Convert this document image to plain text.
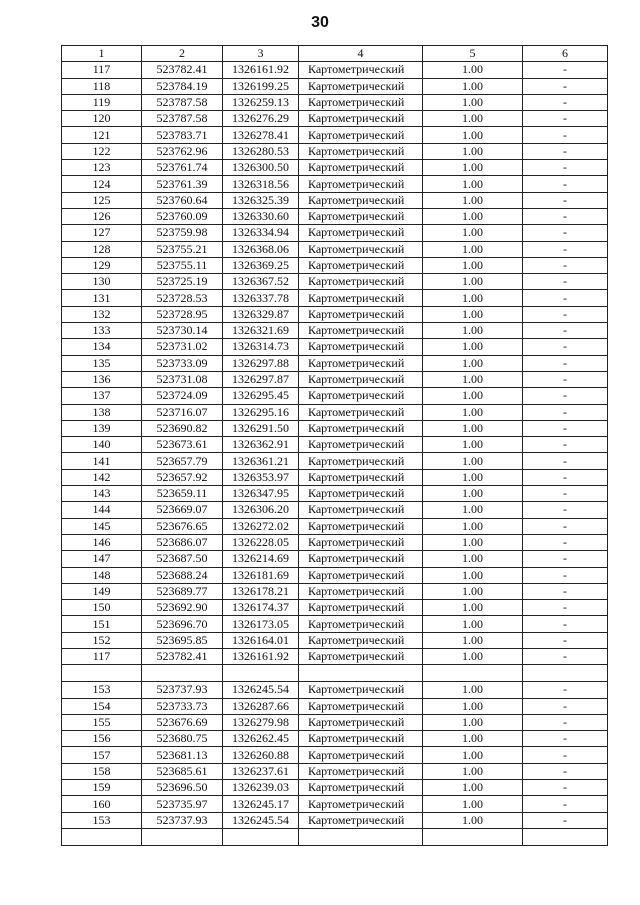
30
1	2	3	4	5	6
117	523782.41	1326161.92	Картометрический	1.00	-
118	523784.19	1326199.25	Картометрический	1.00	-
119	523787.58	1326259.13	Картометрический	1.00	-
120	523787.58	1326276.29	Картометрический	1.00	-
121	523783.71	1326278.41	Картометрический	1.00	-
122	523762.96	1326280.53	Картометрический	1.00	-
123	523761.74	1326300.50	Картометрический	1.00	-
124	523761.39	1326318.56	Картометрический	1.00	-
125	523760.64	1326325.39	Картометрический	1.00	-
126	523760.09	1326330.60	Картометрический	1.00	-
127	523759.98	1326334.94	Картометрический	1.00	-
128	523755.21	1326368.06	Картометрический	1.00	-
129	523755.11	1326369.25	Картометрический	1.00	-
130	523725.19	1326367.52	Картометрический	1.00	-
131	523728.53	1326337.78	Картометрический	1.00	-
132	523728.95	1326329.87	Картометрический	1.00	-
133	523730.14	1326321.69	Картометрический	1.00	-
134	523731.02	1326314.73	Картометрический	1.00	-
135	523733.09	1326297.88	Картометрический	1.00	-
136	523731.08	1326297.87	Картометрический	1.00	-
137	523724.09	1326295.45	Картометрический	1.00	-
138	523716.07	1326295.16	Картометрический	1.00	-
139	523690.82	1326291.50	Картометрический	1.00	-
140	523673.61	1326362.91	Картометрический	1.00	-
141	523657.79	1326361.21	Картометрический	1.00	-
142	523657.92	1326353.97	Картометрический	1.00	-
143	523659.11	1326347.95	Картометрический	1.00	-
144	523669.07	1326306.20	Картометрический	1.00	-
145	523676.65	1326272.02	Картометрический	1.00	-
146	523686.07	1326228.05	Картометрический	1.00	-
147	523687.50	1326214.69	Картометрический	1.00	-
148	523688.24	1326181.69	Картометрический	1.00	-
149	523689.77	1326178.21	Картометрический	1.00	-
150	523692.90	1326174.37	Картометрический	1.00	-
151	523696.70	1326173.05	Картометрический	1.00	-
152	523695.85	1326164.01	Картометрический	1.00	-
117	523782.41	1326161.92	Картометрический	1.00	-

153	523737.93	1326245.54	Картометрический	1.00	-
154	523733.73	1326287.66	Картометрический	1.00	-
155	523676.69	1326279.98	Картометрический	1.00	-
156	523680.75	1326262.45	Картометрический	1.00	-
157	523681.13	1326260.88	Картометрический	1.00	-
158	523685.61	1326237.61	Картометрический	1.00	-
159	523696.50	1326239.03	Картометрический	1.00	-
160	523735.97	1326245.17	Картометрический	1.00	-
153	523737.93	1326245.54	Картометрический	1.00	-
